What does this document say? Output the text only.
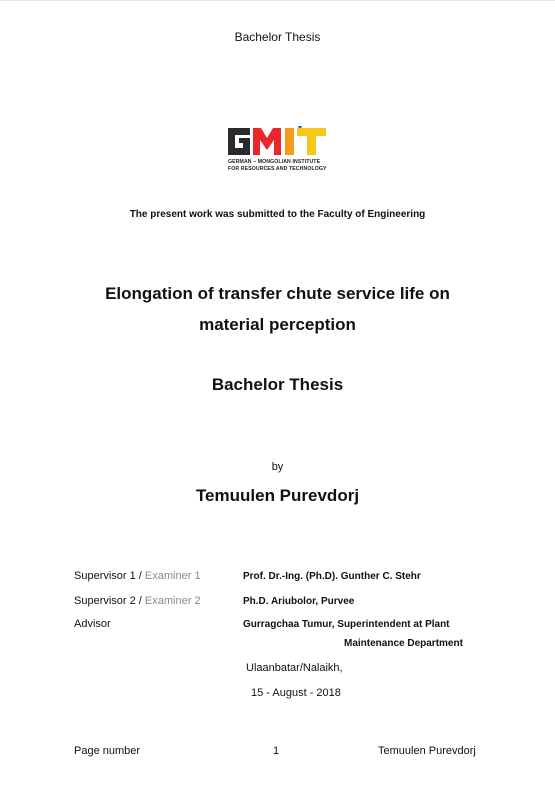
Bachelor Thesis
GERMAN – MONGOLIAN INSTITUTE
FOR RESOURCES AND TECHNOLOGY
The present work was submitted to the Faculty of Engineering
Elongation of transfer chute service life on
material perception
Bachelor Thesis
by
Temuulen Purevdorj
Supervisor 1 / Examiner 1	Prof. Dr.-Ing. (Ph.D). Gunther C. Stehr
Supervisor 2 / Examiner 2	Ph.D. Ariubolor, Purvee
Advisor	Gurragchaa Tumur, Superintendent at Plant
Maintenance Department
Ulaanbatar/Nalaikh,
15 - August - 2018
Page number	1	Temuulen Purevdorj
